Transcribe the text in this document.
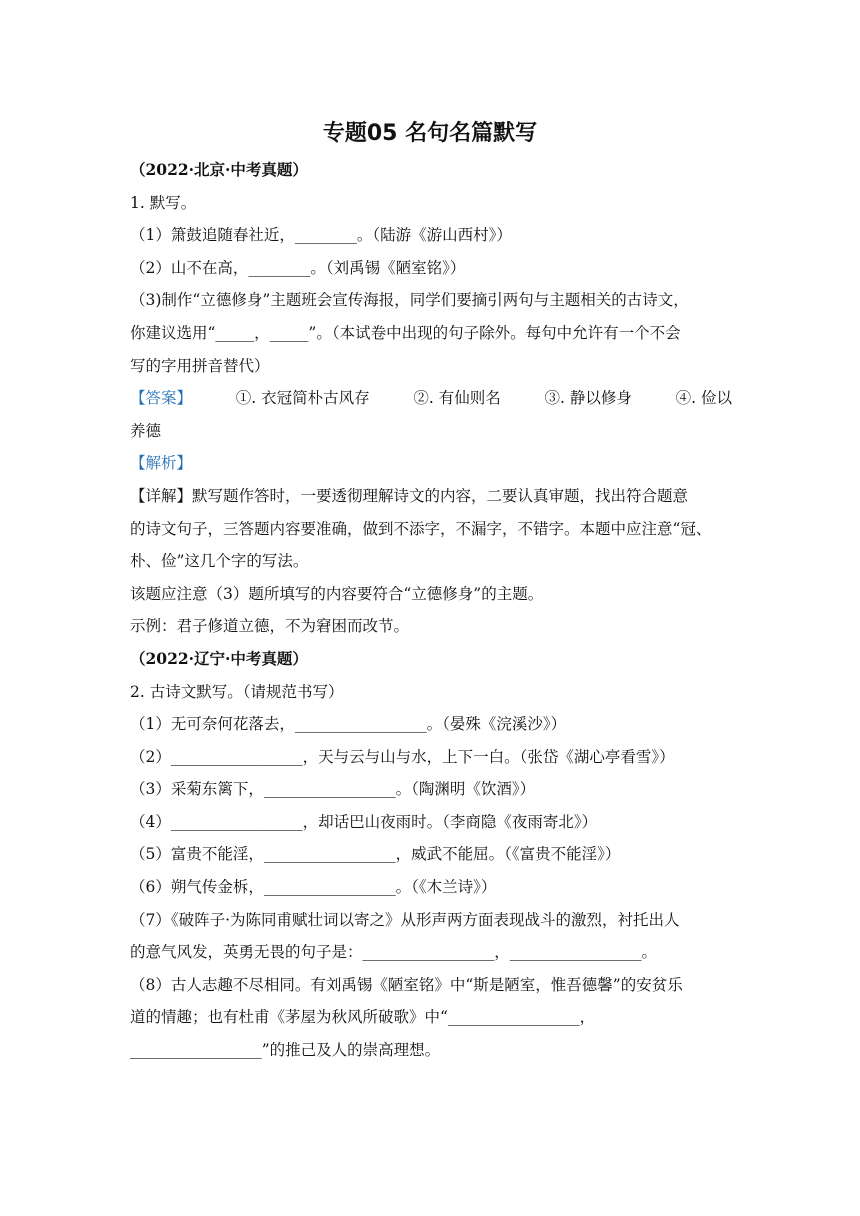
专题05 名句名篇默写

（2022·北京·中考真题）

1. 默写。

（1）箫鼓追随春社近，________。（陆游《游山西村》）

（2）山不在高，________。（刘禹锡《陋室铭》）

（3)制作“立德修身”主题班会宣传海报，同学们要摘引两句与主题相关的古诗文，

你建议选用“_____，_____”。（本试卷中出现的句子除外。每句中允许有一个不会

写的字用拼音替代）

【答案】	①. 衣冠简朴古风存	②. 有仙则名	③. 静以修身	④. 俭以

养德

【解析】

【详解】默写题作答时，一要透彻理解诗文的内容，二要认真审题，找出符合题意

的诗文句子，三答题内容要准确，做到不添字，不漏字，不错字。本题中应注意“冠、

朴、俭”这几个字的写法。

该题应注意（3）题所填写的内容要符合“立德修身”的主题。

示例：君子修道立德，不为窘困而改节。

（2022·辽宁·中考真题）

2. 古诗文默写。（请规范书写）

（1）无可奈何花落去，_________________。（晏殊《浣溪沙》）

（2）_________________，天与云与山与水，上下一白。（张岱《湖心亭看雪》）

（3）采菊东篱下，_________________。（陶渊明《饮酒》）

（4）_________________，却话巴山夜雨时。（李商隐《夜雨寄北》）

（5）富贵不能淫，_________________，威武不能屈。（《富贵不能淫》）

（6）朔气传金柝，_________________。（《木兰诗》）

（7）《破阵子·为陈同甫赋壮词以寄之》从形声两方面表现战斗的激烈，衬托出人

的意气风发，英勇无畏的句子是：_________________，_________________。

（8）古人志趣不尽相同。有刘禹锡《陋室铭》中“斯是陋室，惟吾德馨”的安贫乐

道的情趣；也有杜甫《茅屋为秋风所破歌》中“_________________，

_________________”的推己及人的崇高理想。
